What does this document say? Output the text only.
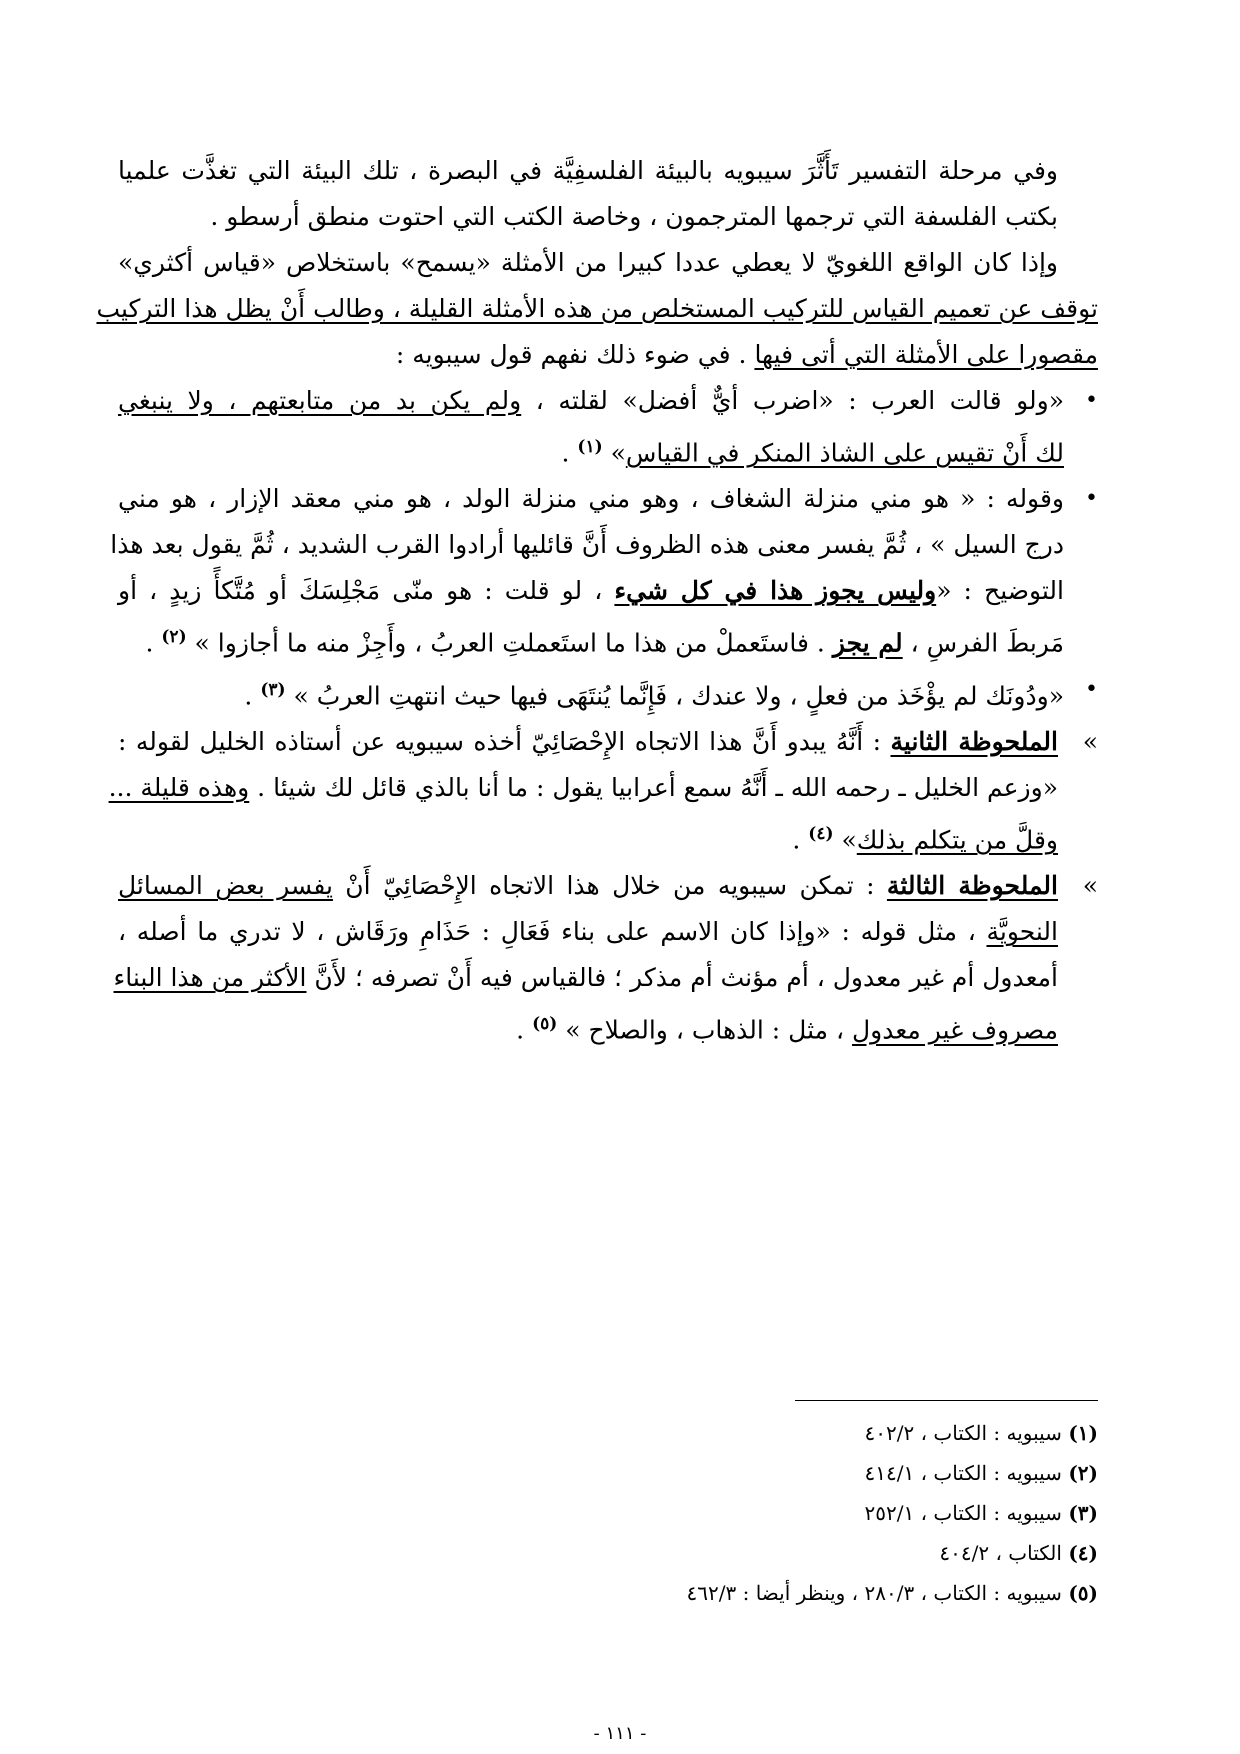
وفي مرحلة التفسير تَأَثَّرَ سيبويه بالبيئة الفلسفِيَّة في البصرة ، تلك البيئة التي تغذَّت علميا
بكتب الفلسفة التي ترجمها المترجمون ، وخاصة الكتب التي احتوت منطق أرسطو .
وإذا كان الواقع اللغويّ لا يعطي عددا كبيرا من الأمثلة «يسمح» باستخلاص «قياس أكثري»
توقف عن تعميم القياس للتركيب المستخلص من هذه الأمثلة القليلة ، وطالب أَنْ يظل هذا التركيب
مقصورا على الأمثلة التي أتى فيها . في ضوء ذلك نفهم قول سيبويه :
•
«ولو قالت العرب : «اضرب أيٌّ أفضل» لقلته ، ولم يكن بد من متابعتهم ، ولا ينبغي
لك أَنْ تقيس على الشاذ المنكر في القياس» $^{(١)}$ .
•
وقوله : « هو مني منزلة الشغاف ، وهو مني منزلة الولد ، هو مني معقد الإزار ، هو مني
درج السيل » ، ثُمَّ يفسر معنى هذه الظروف أَنَّ قائليها أرادوا القرب الشديد ، ثُمَّ يقول بعد هذا
التوضيح : «وليس يجوز هذا في كل شيء ، لو قلت : هو منّى مَجْلِسَكَ أو مُتَّكأً زيدٍ ، أو
مَربطَ الفرسِ ، لم يجز . فاستَعملْ من هذا ما استَعملتِ العربُ ، وأَجِزْ منه ما أجازوا » $^{(٢)}$ .
•
«ودُونَك لم يؤْخَذ من فعلٍ ، ولا عندك ، فَإِنَّما يُنتَهَى فيها حيث انتهتِ العربُ » $^{(٣)}$ .
»
الملحوظة الثانية : أَنَّهُ يبدو أَنَّ هذا الاتجاه الإِحْصَائِيّ أخذه سيبويه عن أستاذه الخليل لقوله :
«وزعم الخليل ـ رحمه الله ـ أَنَّهُ سمع أعرابيا يقول : ما أنا بالذي قائل لك شيئا . وهذه قليلة ...
وقلَّ من يتكلم بذلك» $^{(٤)}$ .
»
الملحوظة الثالثة : تمكن سيبويه من خلال هذا الاتجاه الإِحْصَائِيّ أَنْ يفسر بعض المسائل
النحويَّة ، مثل قوله : «وإذا كان الاسم على بناء فَعَالِ : حَذَامِ ورَقَاش ، لا تدري ما أصله ،
أمعدول أم غير معدول ، أم مؤنث أم مذكر ؛ فالقياس فيه أَنْ تصرفه ؛ لأَنَّ الأكثر من هذا البناء
مصروف غير معدول ، مثل : الذهاب ، والصلاح » $^{(٥)}$ .
(١) سيبويه : الكتاب ، ٤٠٢/٢
(٢) سيبويه : الكتاب ، ٤١٤/١
(٣) سيبويه : الكتاب ، ٢٥٢/١
(٤) الكتاب ، ٤٠٤/٢
(٥) سيبويه : الكتاب ، ٢٨٠/٣ ، وينظر أيضا : ٤٦٢/٣
- ١١١ -
